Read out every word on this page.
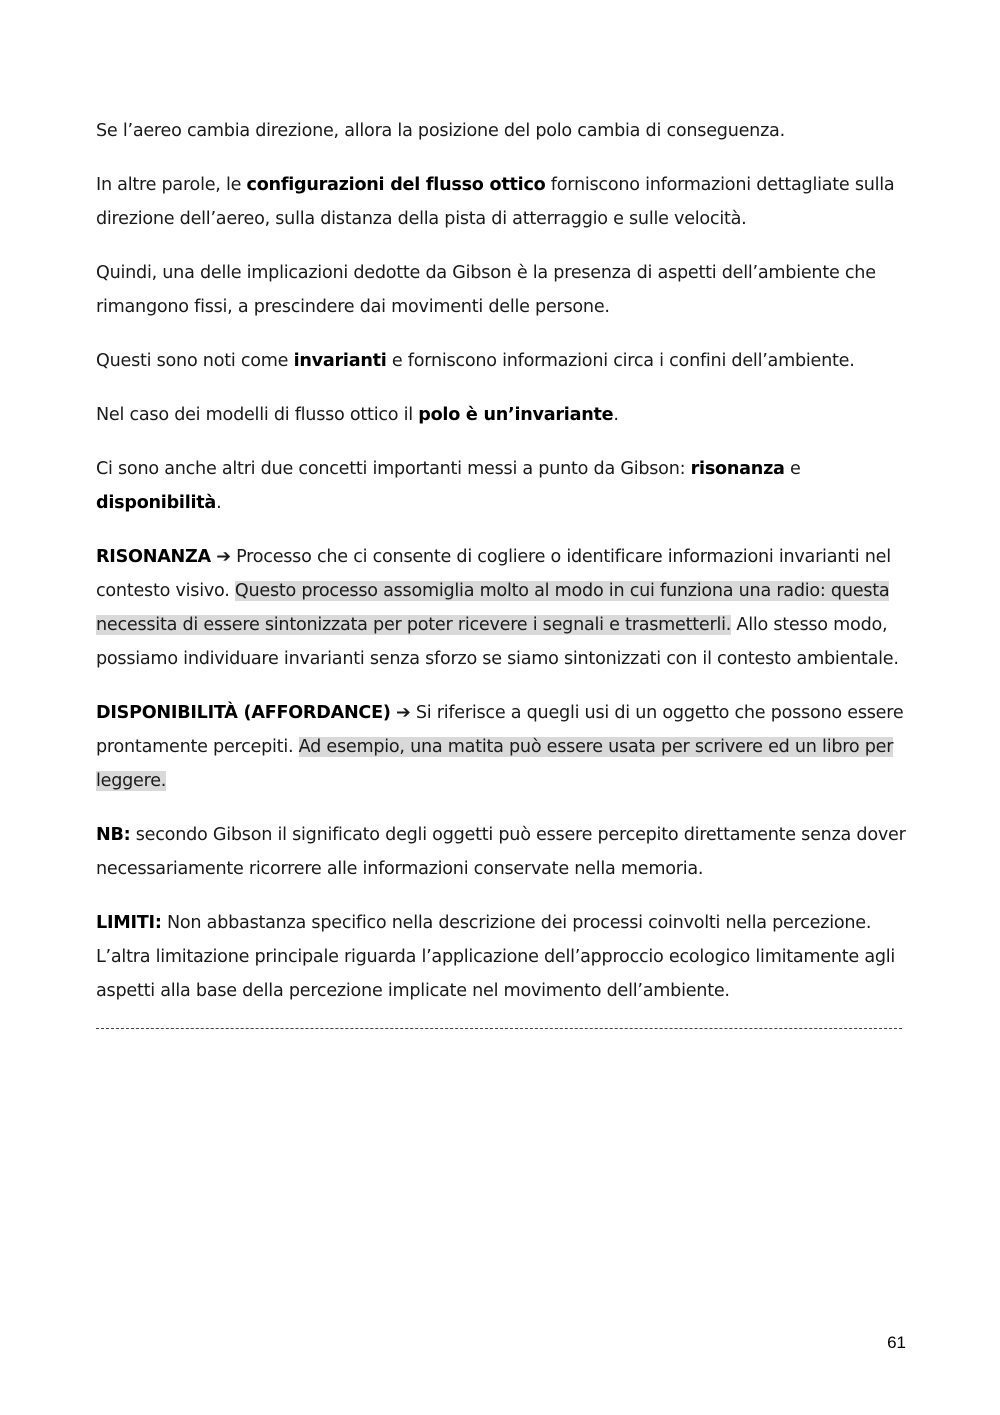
Se l’aereo cambia direzione, allora la posizione del polo cambia di conseguenza.

In altre parole, le configurazioni del flusso ottico forniscono informazioni dettagliate sulla direzione dell’aereo, sulla distanza della pista di atterraggio e sulle velocità.

Quindi, una delle implicazioni dedotte da Gibson è la presenza di aspetti dell’ambiente che rimangono fissi, a prescindere dai movimenti delle persone.

Questi sono noti come invarianti e forniscono informazioni circa i confini dell’ambiente.

Nel caso dei modelli di flusso ottico il polo è un’invariante.

Ci sono anche altri due concetti importanti messi a punto da Gibson: risonanza e disponibilità.

RISONANZA ➔ Processo che ci consente di cogliere o identificare informazioni invarianti nel contesto visivo. Questo processo assomiglia molto al modo in cui funziona una radio: questa necessita di essere sintonizzata per poter ricevere i segnali e trasmetterli. Allo stesso modo, possiamo individuare invarianti senza sforzo se siamo sintonizzati con il contesto ambientale.

DISPONIBILITÀ (AFFORDANCE) ➔ Si riferisce a quegli usi di un oggetto che possono essere prontamente percepiti. Ad esempio, una matita può essere usata per scrivere ed un libro per leggere.

NB: secondo Gibson il significato degli oggetti può essere percepito direttamente senza dover necessariamente ricorrere alle informazioni conservate nella memoria.

LIMITI: Non abbastanza specifico nella descrizione dei processi coinvolti nella percezione. L’altra limitazione principale riguarda l’applicazione dell’approccio ecologico limitamente agli aspetti alla base della percezione implicate nel movimento dell’ambiente.

61
